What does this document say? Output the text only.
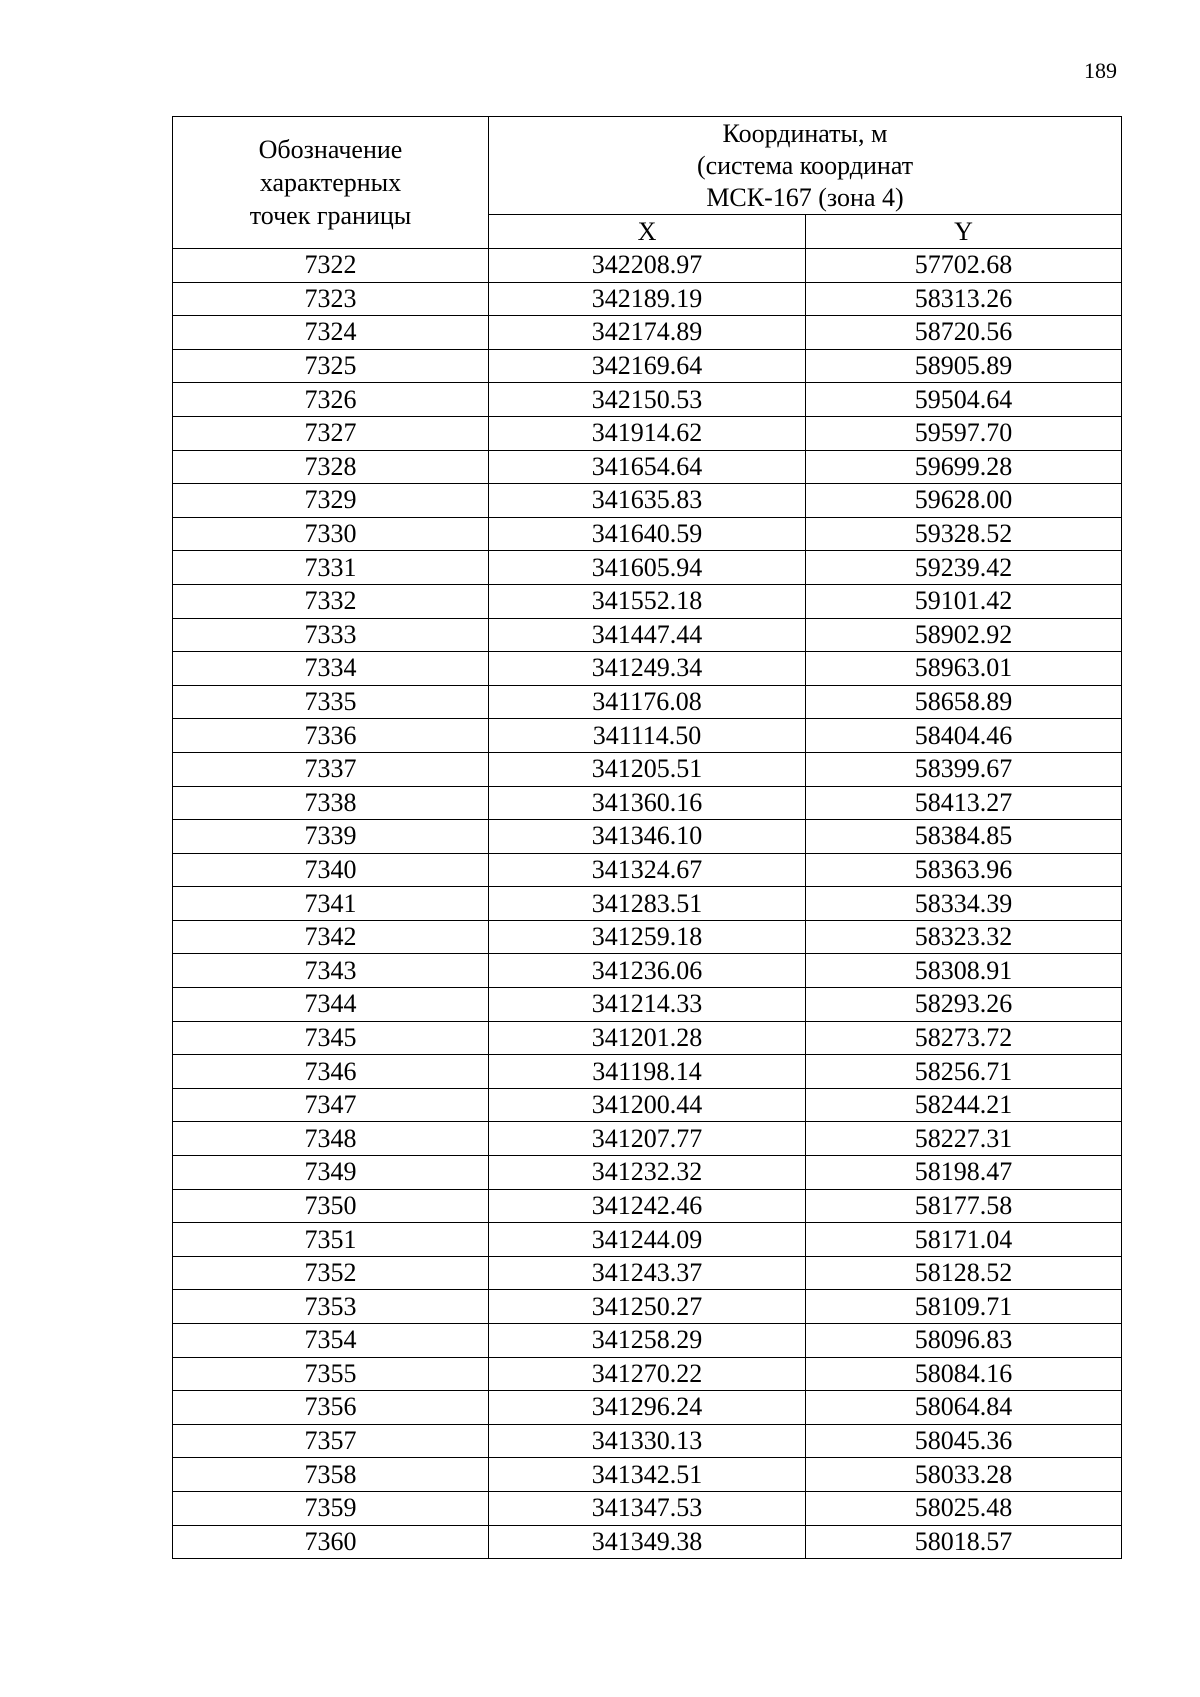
189
Обозначение
характерных
точек границы	Координаты, м
(система координат
МСК-167 (зона 4)	

	X	Y
7322	342208.97	57702.68
7323	342189.19	58313.26
7324	342174.89	58720.56
7325	342169.64	58905.89
7326	342150.53	59504.64
7327	341914.62	59597.70
7328	341654.64	59699.28
7329	341635.83	59628.00
7330	341640.59	59328.52
7331	341605.94	59239.42
7332	341552.18	59101.42
7333	341447.44	58902.92
7334	341249.34	58963.01
7335	341176.08	58658.89
7336	341114.50	58404.46
7337	341205.51	58399.67
7338	341360.16	58413.27
7339	341346.10	58384.85
7340	341324.67	58363.96
7341	341283.51	58334.39
7342	341259.18	58323.32
7343	341236.06	58308.91
7344	341214.33	58293.26
7345	341201.28	58273.72
7346	341198.14	58256.71
7347	341200.44	58244.21
7348	341207.77	58227.31
7349	341232.32	58198.47
7350	341242.46	58177.58
7351	341244.09	58171.04
7352	341243.37	58128.52
7353	341250.27	58109.71
7354	341258.29	58096.83
7355	341270.22	58084.16
7356	341296.24	58064.84
7357	341330.13	58045.36
7358	341342.51	58033.28
7359	341347.53	58025.48
7360	341349.38	58018.57
